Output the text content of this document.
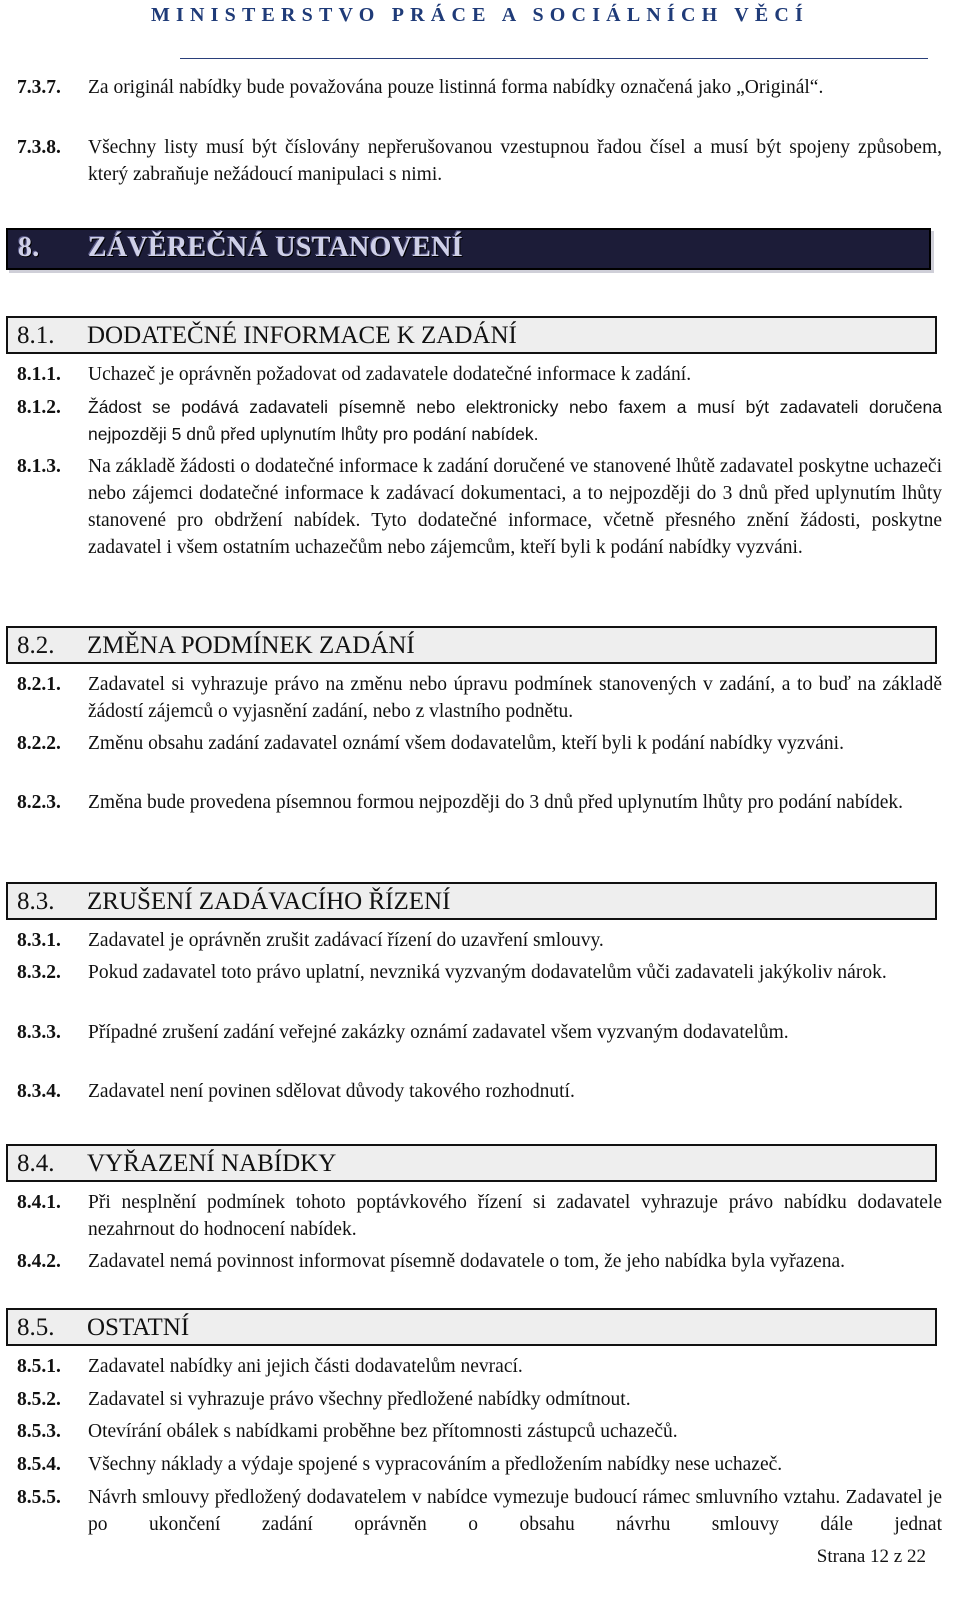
MINISTERSTVO PRÁCE A SOCIÁLNÍCH VĚCÍ
7.3.7. Za originál nabídky bude považována pouze listinná forma nabídky označená jako „Originál“.
7.3.8. Všechny listy musí být číslovány nepřerušovanou vzestupnou řadou čísel a musí být spojeny způsobem, který zabraňuje nežádoucí manipulaci s nimi.
8. ZÁVĚREČNÁ USTANOVENÍ
8.1. DODATEČNÉ INFORMACE K ZADÁNÍ
8.1.1. Uchazeč je oprávněn požadovat od zadavatele dodatečné informace k zadání.
8.1.2. Žádost se podává zadavateli písemně nebo elektronicky nebo faxem a musí být zadavateli doručena nejpozději 5 dnů před uplynutím lhůty pro podání nabídek.
8.1.3. Na základě žádosti o dodatečné informace k zadání doručené ve stanovené lhůtě zadavatel poskytne uchazeči nebo zájemci dodatečné informace k zadávací dokumentaci, a to nejpozději do 3 dnů před uplynutím lhůty stanovené pro obdržení nabídek. Tyto dodatečné informace, včetně přesného znění žádosti, poskytne zadavatel i všem ostatním uchazečům nebo zájemcům, kteří byli k podání nabídky vyzváni.
8.2. ZMĚNA PODMÍNEK ZADÁNÍ
8.2.1. Zadavatel si vyhrazuje právo na změnu nebo úpravu podmínek stanovených v zadání, a to buď na základě žádostí zájemců o vyjasnění zadání, nebo z vlastního podnětu.
8.2.2. Změnu obsahu zadání zadavatel oznámí všem dodavatelům, kteří byli k podání nabídky vyzváni.
8.2.3. Změna bude provedena písemnou formou nejpozději do 3 dnů před uplynutím lhůty pro podání nabídek.
8.3. ZRUŠENÍ ZADÁVACÍHO ŘÍZENÍ
8.3.1. Zadavatel je oprávněn zrušit zadávací řízení do uzavření smlouvy.
8.3.2. Pokud zadavatel toto právo uplatní, nevzniká vyzvaným dodavatelům vůči zadavateli jakýkoliv nárok.
8.3.3. Případné zrušení zadání veřejné zakázky oznámí zadavatel všem vyzvaným dodavatelům.
8.3.4. Zadavatel není povinen sdělovat důvody takového rozhodnutí.
8.4. VYŘAZENÍ NABÍDKY
8.4.1. Při nesplnění podmínek tohoto poptávkového řízení si zadavatel vyhrazuje právo nabídku dodavatele nezahrnout do hodnocení nabídek.
8.4.2. Zadavatel nemá povinnost informovat písemně dodavatele o tom, že jeho nabídka byla vyřazena.
8.5. OSTATNÍ
8.5.1. Zadavatel nabídky ani jejich části dodavatelům nevrací.
8.5.2. Zadavatel si vyhrazuje právo všechny předložené nabídky odmítnout.
8.5.3. Otevírání obálek s nabídkami proběhne bez přítomnosti zástupců uchazečů.
8.5.4. Všechny náklady a výdaje spojené s vypracováním a předložením nabídky nese uchazeč.
8.5.5. Návrh smlouvy předložený dodavatelem v nabídce vymezuje budoucí rámec smluvního vztahu. Zadavatel je po ukončení zadání oprávněn o obsahu návrhu smlouvy dále jednat
Strana 12 z 22
